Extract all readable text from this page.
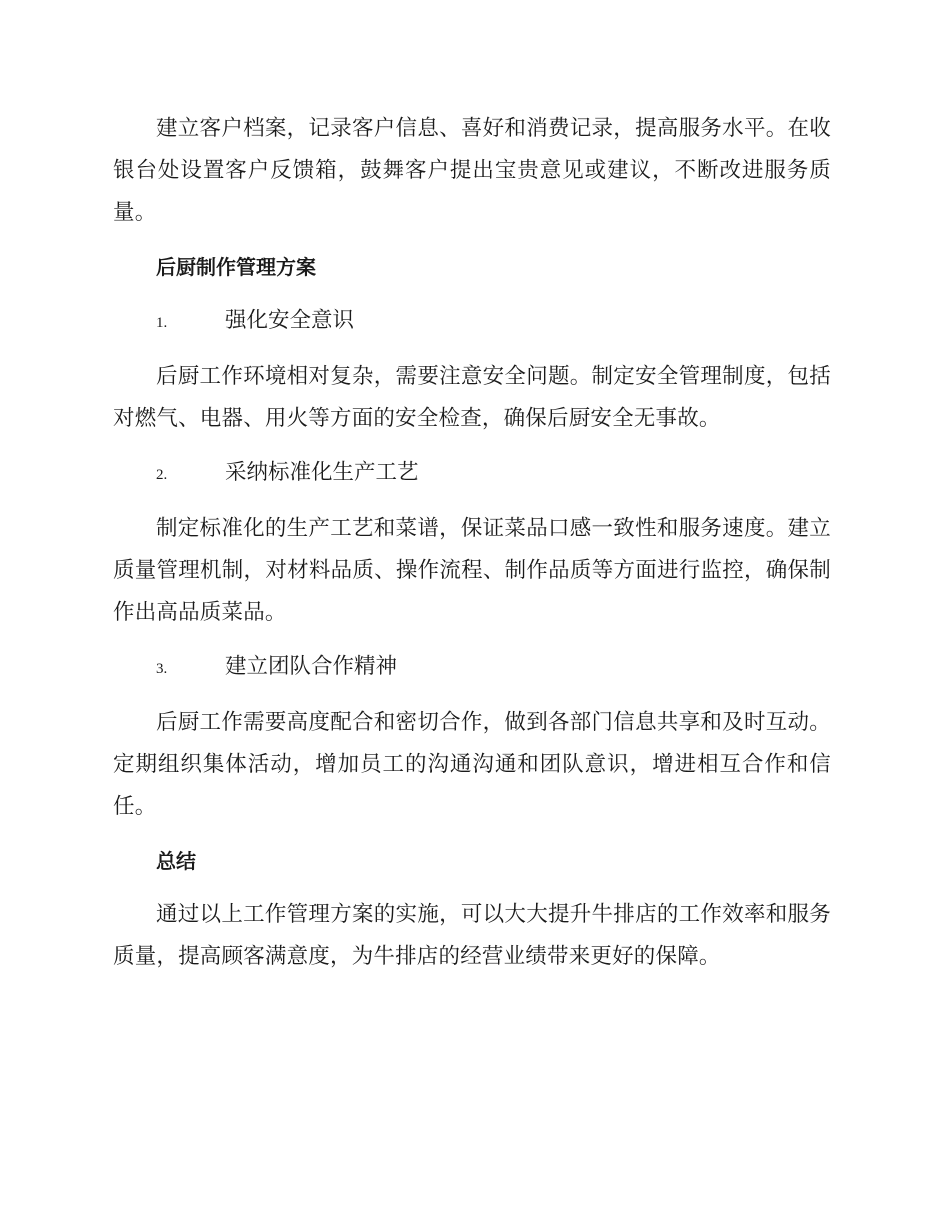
建立客户档案，记录客户信息、喜好和消费记录，提高服务水平。在收银台处设置客户反馈箱，鼓舞客户提出宝贵意见或建议，不断改进服务质量。

后厨制作管理方案

1.	强化安全意识

后厨工作环境相对复杂，需要注意安全问题。制定安全管理制度，包括对燃气、电器、用火等方面的安全检查，确保后厨安全无事故。

2.	采纳标准化生产工艺

制定标准化的生产工艺和菜谱，保证菜品口感一致性和服务速度。建立质量管理机制，对材料品质、操作流程、制作品质等方面进行监控，确保制作出高品质菜品。

3.	建立团队合作精神

后厨工作需要高度配合和密切合作，做到各部门信息共享和及时互动。定期组织集体活动，增加员工的沟通沟通和团队意识，增进相互合作和信任。

总结

通过以上工作管理方案的实施，可以大大提升牛排店的工作效率和服务质量，提高顾客满意度，为牛排店的经营业绩带来更好的保障。
